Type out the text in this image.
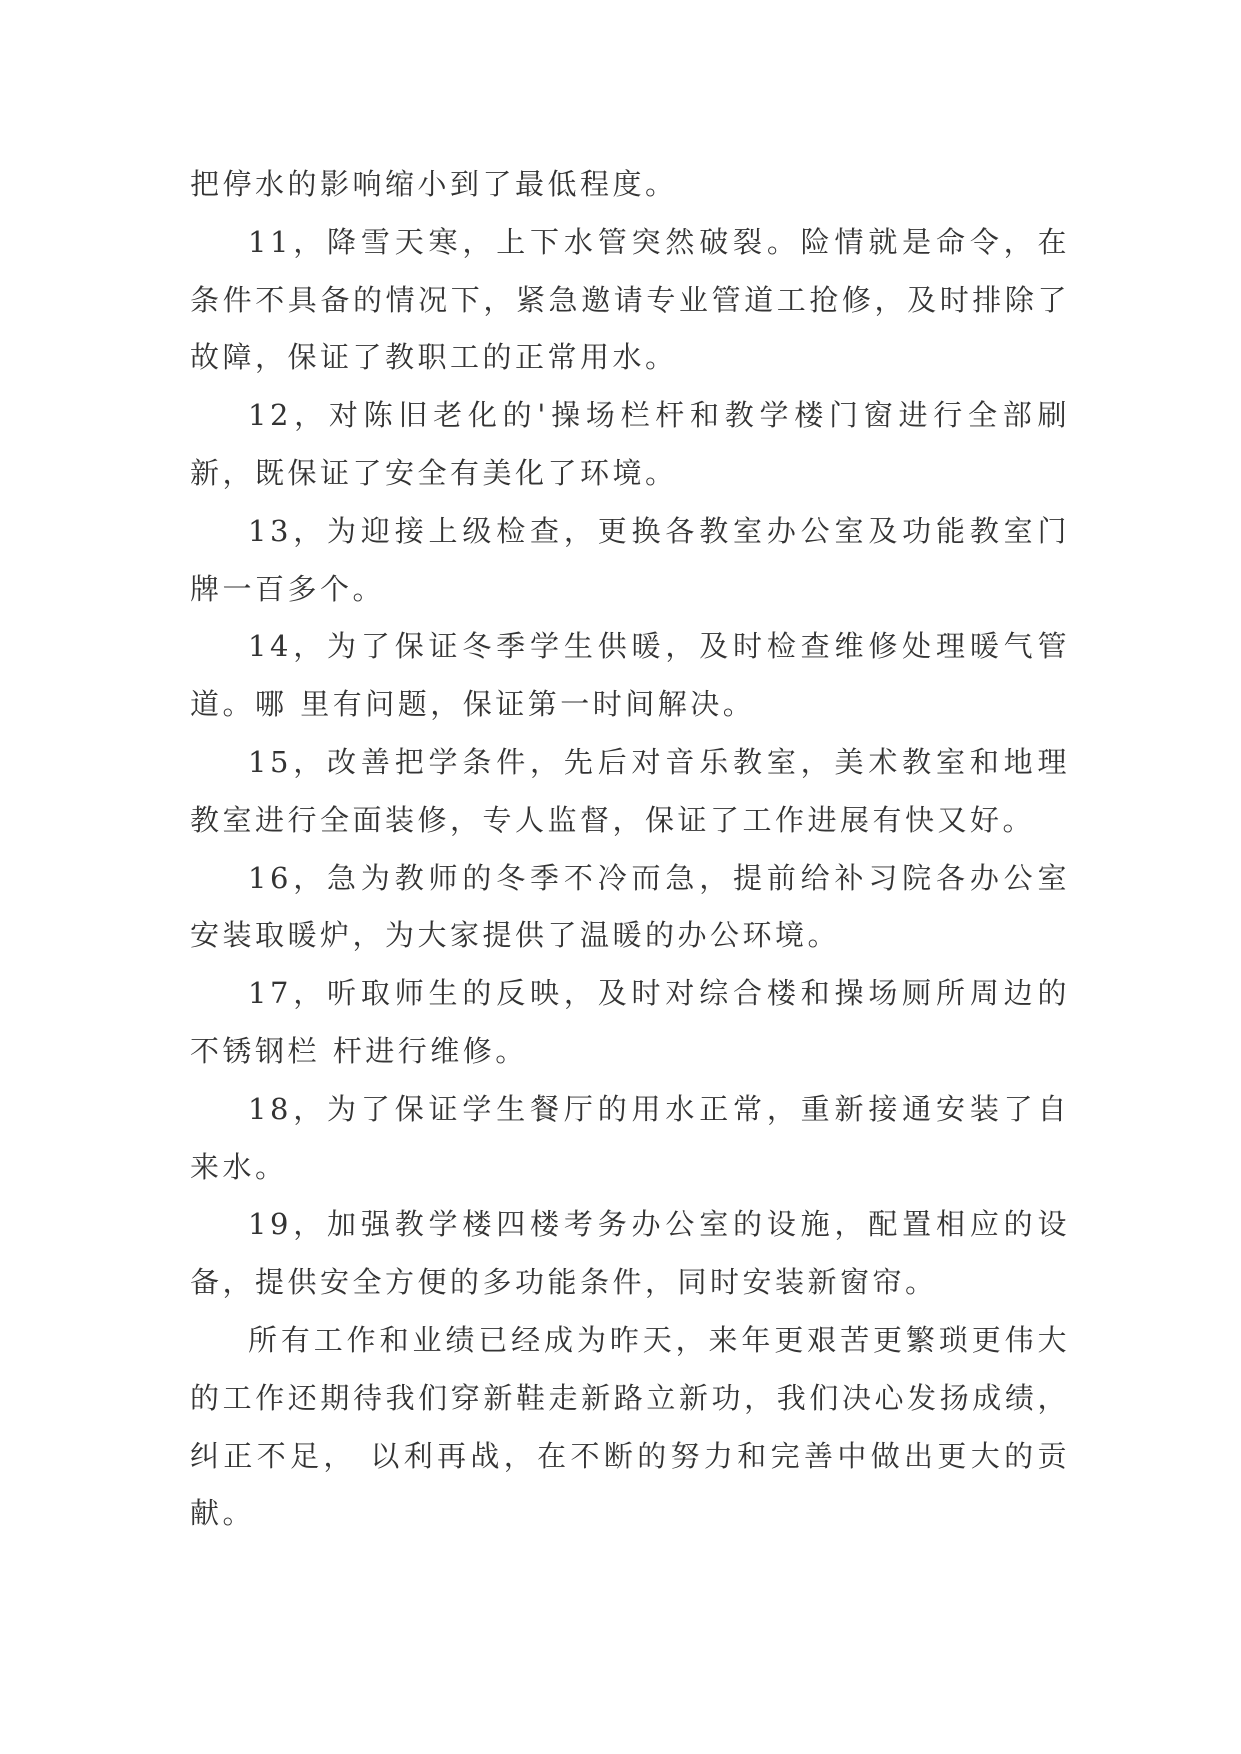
把停水的影响缩小到了最低程度。

11，降雪天寒，上下水管突然破裂。险情就是命令，在条件不具备的情况下，紧急邀请专业管道工抢修，及时排除了故障，保证了教职工的正常用水。

12，对陈旧老化的'操场栏杆和教学楼门窗进行全部刷新，既保证了安全有美化了环境。

13，为迎接上级检查，更换各教室办公室及功能教室门牌一百多个。

14，为了保证冬季学生供暖，及时检查维修处理暖气管道。哪 里有问题，保证第一时间解决。

15，改善把学条件，先后对音乐教室，美术教室和地理教室进行全面装修，专人监督，保证了工作进展有快又好。

16，急为教师的冬季不冷而急，提前给补习院各办公室安装取暖炉，为大家提供了温暖的办公环境。

17，听取师生的反映，及时对综合楼和操场厕所周边的不锈钢栏 杆进行维修。

18，为了保证学生餐厅的用水正常，重新接通安装了自来水。

19，加强教学楼四楼考务办公室的设施，配置相应的设备，提供安全方便的多功能条件，同时安装新窗帘。

所有工作和业绩已经成为昨天，来年更艰苦更繁琐更伟大的工作还期待我们穿新鞋走新路立新功，我们决心发扬成绩，纠正不足， 以利再战，在不断的努力和完善中做出更大的贡献。
